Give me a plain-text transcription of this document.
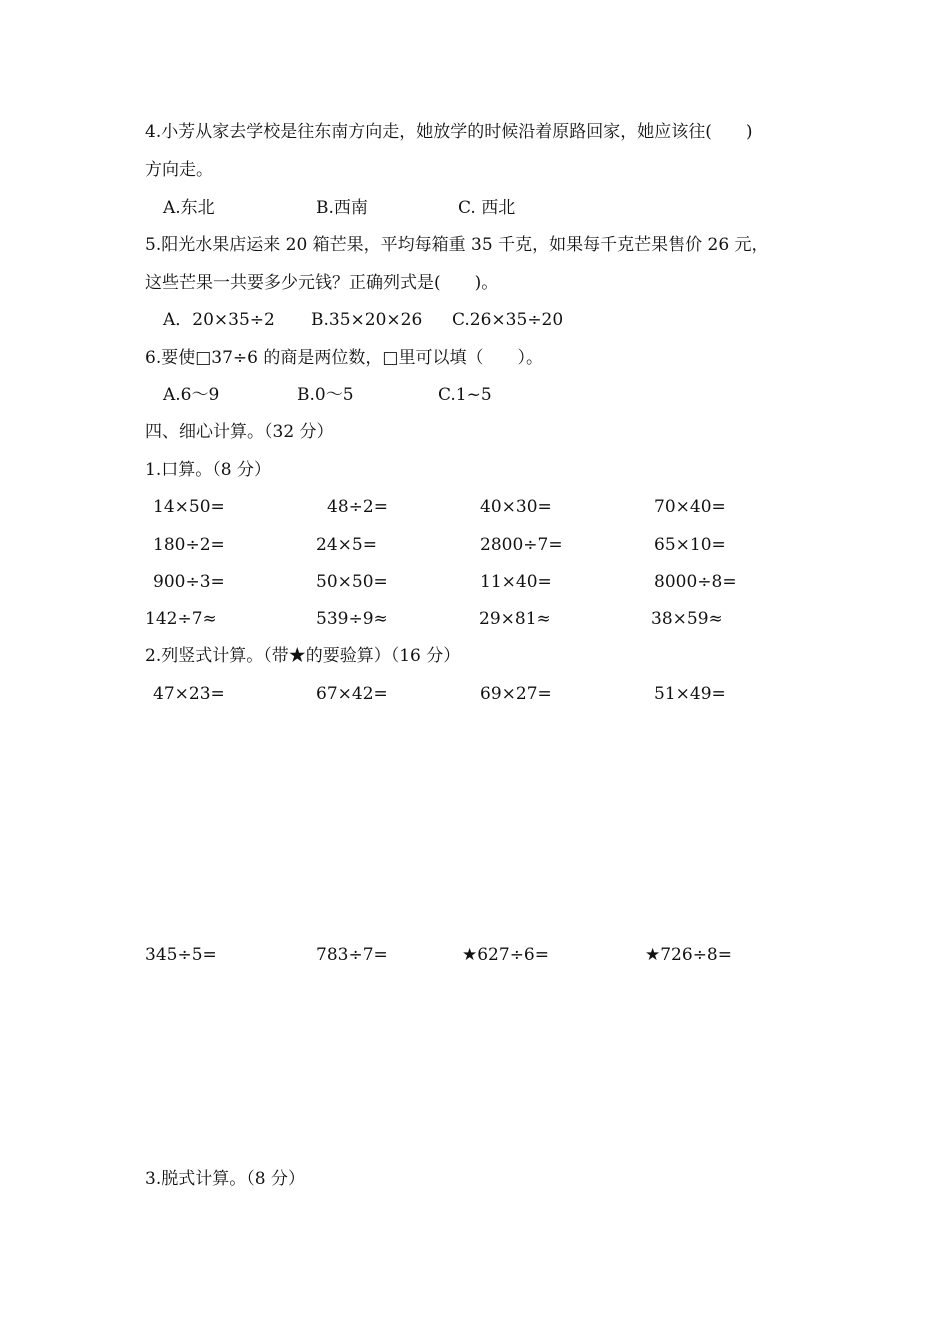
4.小芳从家去学校是往东南方向走，她放学的时候沿着原路回家，她应该往(　　)
方向走。
A.东北	B.西南	C. 西北
5.阳光水果店运来 20 箱芒果，平均每箱重 35 千克，如果每千克芒果售价 26 元，
这些芒果一共要多少元钱？正确列式是(　　)。
A．20×35÷2 B.35×20×26 C.26×35÷20
6.要使□37÷6 的商是两位数，□里可以填（　　）。
A.6～9	B.0～5	C.1~5
四、细心计算。（32 分）
1.口算。（8 分）
14×50=	48÷2=	40×30=	70×40=
180÷2=	24×5=	2800÷7=	65×10=
900÷3=	50×50=	11×40=	8000÷8=
142÷7≈	539÷9≈	29×81≈	38×59≈
2.列竖式计算。（带★的要验算）（16 分）
47×23=	67×42=	69×27=	51×49=
345÷5=	783÷7=	★627÷6=	★726÷8=
3.脱式计算。（8 分）
